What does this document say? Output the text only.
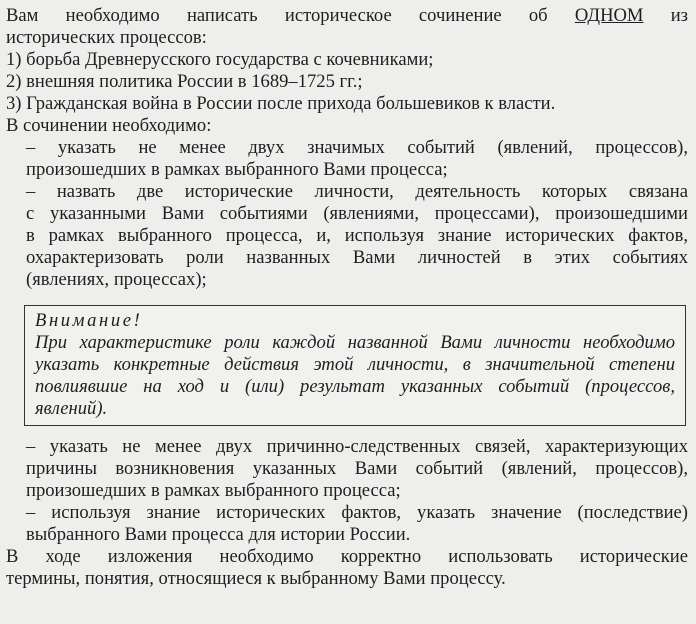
Вам необходимо написать историческое сочинение об ОДНОМ из
исторических процессов:
1) борьба Древнерусского государства с кочевниками;
2) внешняя политика России в 1689–1725 гг.;
3) Гражданская война в России после прихода большевиков к власти.
В сочинении необходимо:
– указать не менее двух значимых событий (явлений, процессов),
произошедших в рамках выбранного Вами процесса;
– назвать две исторические личности, деятельность которых связана
с указанными Вами событиями (явлениями, процессами), произошедшими
в рамках выбранного процесса, и, используя знание исторических фактов,
охарактеризовать роли названных Вами личностей в этих событиях
(явлениях, процессах);
Внимание!
При характеристике роли каждой названной Вами личности необходимо
указать конкретные действия этой личности, в значительной степени
повлиявшие на ход и (или) результат указанных событий (процессов,
явлений).
– указать не менее двух причинно-следственных связей, характеризующих
причины возникновения указанных Вами событий (явлений, процессов),
произошедших в рамках выбранного процесса;
– используя знание исторических фактов, указать значение (последствие)
выбранного Вами процесса для истории России.
В ходе изложения необходимо корректно использовать исторические
термины, понятия, относящиеся к выбранному Вами процессу.
